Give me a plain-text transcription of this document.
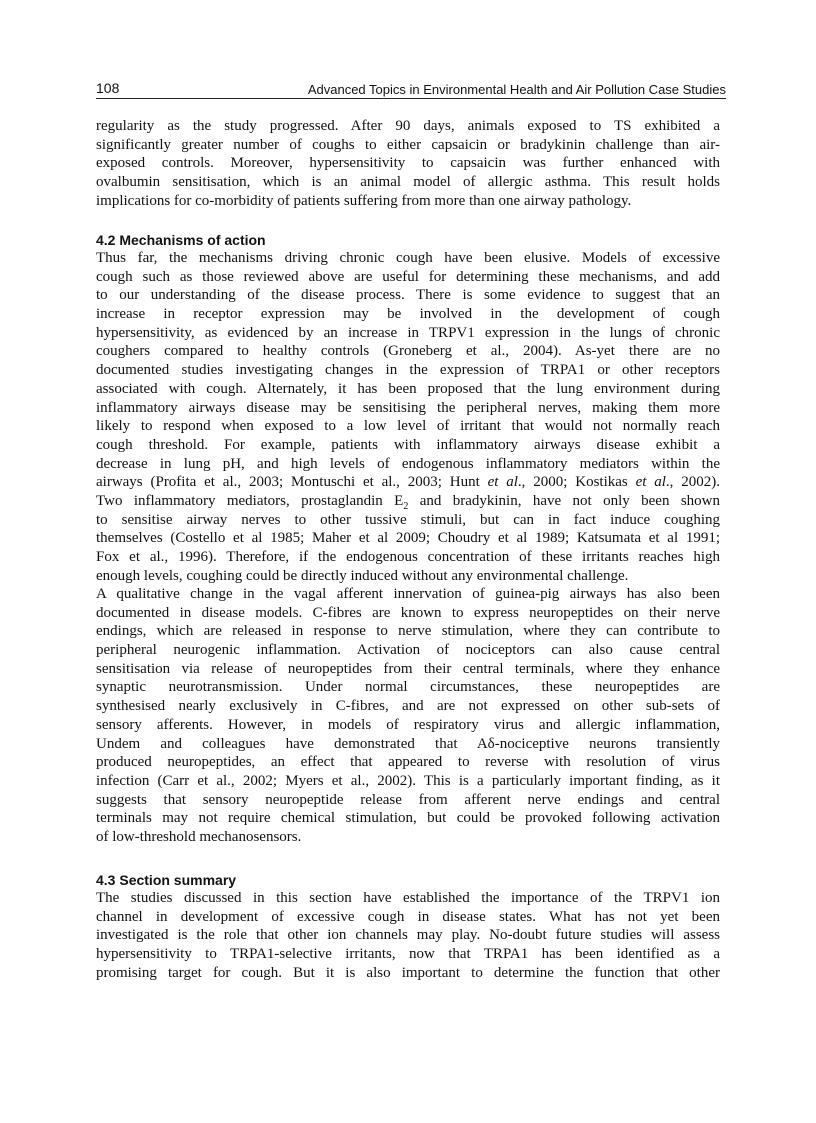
108	Advanced Topics in Environmental Health and Air Pollution Case Studies
regularity as the study progressed. After 90 days, animals exposed to TS exhibited a
significantly greater number of coughs to either capsaicin or bradykinin challenge than air-
exposed controls. Moreover, hypersensitivity to capsaicin was further enhanced with
ovalbumin sensitisation, which is an animal model of allergic asthma. This result holds
implications for co-morbidity of patients suffering from more than one airway pathology.
4.2 Mechanisms of action
Thus far, the mechanisms driving chronic cough have been elusive. Models of excessive
cough such as those reviewed above are useful for determining these mechanisms, and add
to our understanding of the disease process. There is some evidence to suggest that an
increase in receptor expression may be involved in the development of cough
hypersensitivity, as evidenced by an increase in TRPV1 expression in the lungs of chronic
coughers compared to healthy controls (Groneberg et al., 2004). As-yet there are no
documented studies investigating changes in the expression of TRPA1 or other receptors
associated with cough. Alternately, it has been proposed that the lung environment during
inflammatory airways disease may be sensitising the peripheral nerves, making them more
likely to respond when exposed to a low level of irritant that would not normally reach
cough threshold. For example, patients with inflammatory airways disease exhibit a
decrease in lung pH, and high levels of endogenous inflammatory mediators within the
airways (Profita et al., 2003; Montuschi et al., 2003; Hunt et al., 2000; Kostikas et al., 2002).
Two inflammatory mediators, prostaglandin $E_2$ and bradykinin, have not only been shown
to sensitise airway nerves to other tussive stimuli, but can in fact induce coughing
themselves (Costello et al 1985; Maher et al 2009; Choudry et al 1989; Katsumata et al 1991;
Fox et al., 1996). Therefore, if the endogenous concentration of these irritants reaches high
enough levels, coughing could be directly induced without any environmental challenge.
A qualitative change in the vagal afferent innervation of guinea-pig airways has also been
documented in disease models. C-fibres are known to express neuropeptides on their nerve
endings, which are released in response to nerve stimulation, where they can contribute to
peripheral neurogenic inflammation. Activation of nociceptors can also cause central
sensitisation via release of neuropeptides from their central terminals, where they enhance
synaptic neurotransmission. Under normal circumstances, these neuropeptides are
synthesised nearly exclusively in C-fibres, and are not expressed on other sub-sets of
sensory afferents. However, in models of respiratory virus and allergic inflammation,
Undem and colleagues have demonstrated that Aδ-nociceptive neurons transiently
produced neuropeptides, an effect that appeared to reverse with resolution of virus
infection (Carr et al., 2002; Myers et al., 2002). This is a particularly important finding, as it
suggests that sensory neuropeptide release from afferent nerve endings and central
terminals may not require chemical stimulation, but could be provoked following activation
of low-threshold mechanosensors.
4.3 Section summary
The studies discussed in this section have established the importance of the TRPV1 ion
channel in development of excessive cough in disease states. What has not yet been
investigated is the role that other ion channels may play. No-doubt future studies will assess
hypersensitivity to TRPA1-selective irritants, now that TRPA1 has been identified as a
promising target for cough. But it is also important to determine the function that other
